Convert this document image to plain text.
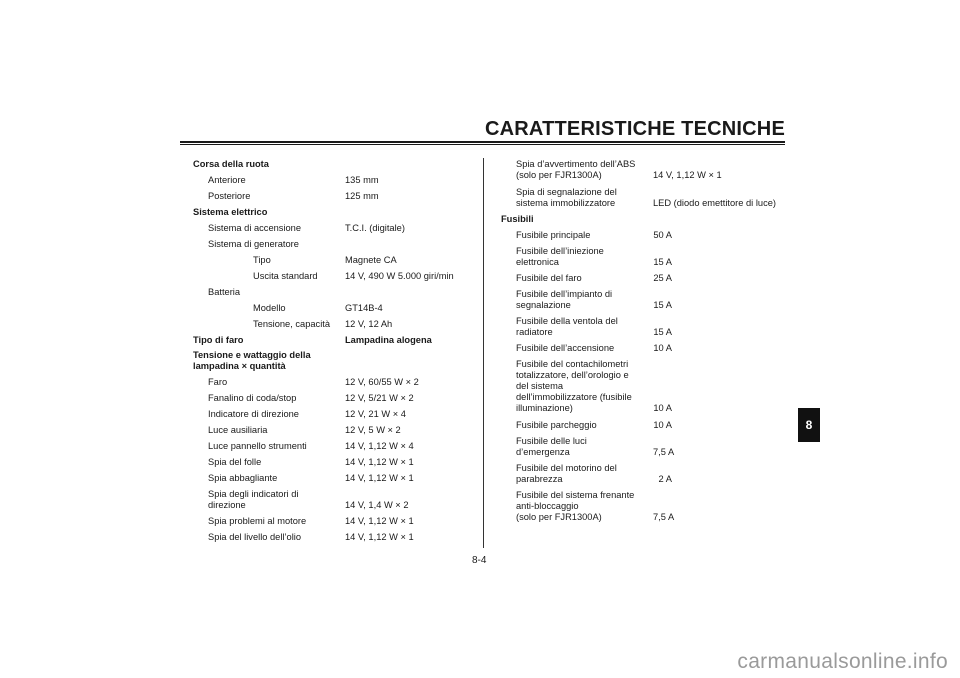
CARATTERISTICHE TECNICHE
Corsa della ruota
Anteriore	135 mm
Posteriore	125 mm
Sistema elettrico
Sistema di accensione	T.C.I. (digitale)
Sistema di generatore
Tipo	Magnete CA
Uscita standard	14 V, 490 W 5.000 giri/min
Batteria
Modello	GT14B-4
Tensione, capacità 12 V, 12 Ah
Tipo di faro	Lampadina alogena
Tensione e wattaggio della
lampadina × quantità
Faro	12 V, 60/55 W × 2
Fanalino di coda/stop	12 V, 5/21 W × 2
Indicatore di direzione	12 V, 21 W × 4
Luce ausiliaria	12 V, 5 W × 2
Luce pannello strumenti	14 V, 1,12 W × 4
Spia del folle	14 V, 1,12 W × 1
Spia abbagliante	14 V, 1,12 W × 1
Spia degli indicatori di
direzione	14 V, 1,4 W × 2
Spia problemi al motore	14 V, 1,12 W × 1
Spia del livello dell’olio	14 V, 1,12 W × 1
Spia d’avvertimento dell’ABS
(solo per FJR1300A)	14 V, 1,12 W × 1
Spia di segnalazione del
sistema immobilizzatore	LED (diodo emettitore di luce)
Fusibili
Fusibile principale	50 A
Fusibile dell’iniezione
elettronica	15 A
Fusibile del faro	25 A
Fusibile dell’impianto di
segnalazione	15 A
Fusibile della ventola del
radiatore	15 A
Fusibile dell’accensione	10 A
Fusibile del contachilometri
totalizzatore, dell’orologio e
del sistema
dell’immobilizzatore (fusibile
illuminazione)	10 A
Fusibile parcheggio	10 A
Fusibile delle luci
d’emergenza	7,5 A
Fusibile del motorino del
parabrezza	2 A
Fusibile del sistema frenante
anti-bloccaggio
(solo per FJR1300A)	7,5 A
8
8-4
carmanualsonline.info
